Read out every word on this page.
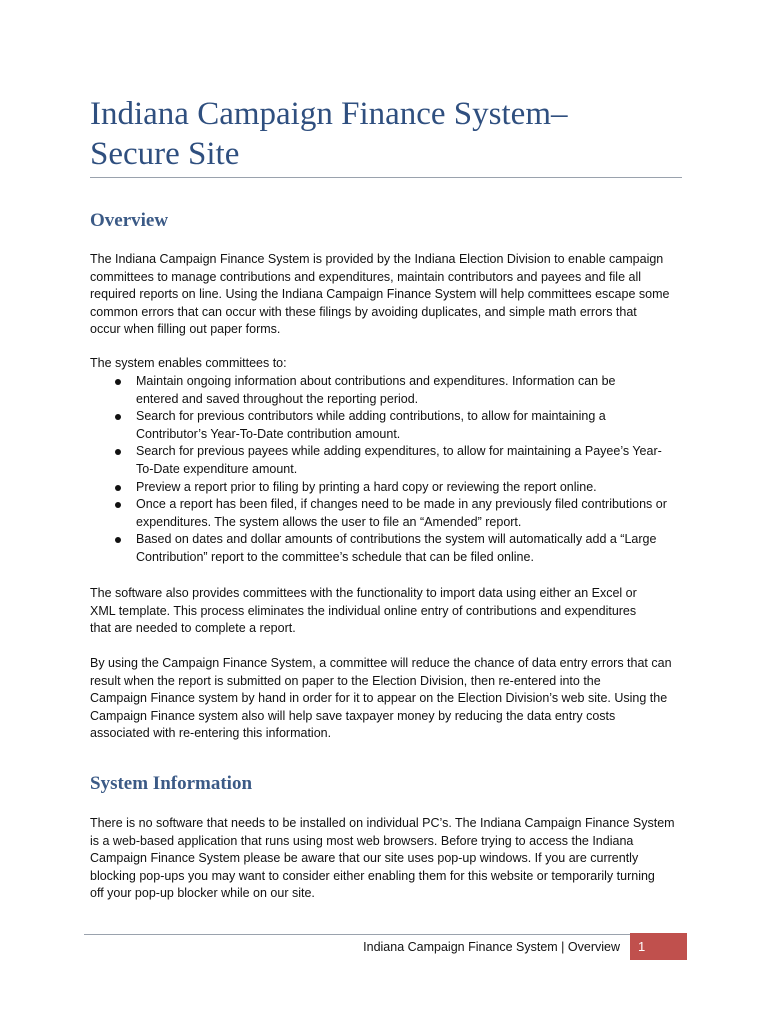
Indiana Campaign Finance System–
Secure Site
Overview

The Indiana Campaign Finance System is provided by the Indiana Election Division to enable campaign
committees to manage contributions and expenditures, maintain contributors and payees and file all
required reports on line. Using the Indiana Campaign Finance System will help committees escape some
common errors that can occur with these filings by avoiding duplicates, and simple math errors that
occur when filling out paper forms.

The system enables committees to:

Maintain ongoing information about contributions and expenditures. Information can be
entered and saved throughout the reporting period.
Search for previous contributors while adding contributions, to allow for maintaining a
Contributor’s Year-To-Date contribution amount.
Search for previous payees while adding expenditures, to allow for maintaining a Payee’s Year-
To-Date expenditure amount.
Preview a report prior to filing by printing a hard copy or reviewing the report online.
Once a report has been filed, if changes need to be made in any previously filed contributions or
expenditures. The system allows the user to file an “Amended” report.
Based on dates and dollar amounts of contributions the system will automatically add a “Large
Contribution” report to the committee’s schedule that can be filed online.

The software also provides committees with the functionality to import data using either an Excel or
XML template. This process eliminates the individual online entry of contributions and expenditures
that are needed to complete a report.

By using the Campaign Finance System, a committee will reduce the chance of data entry errors that can
result when the report is submitted on paper to the Election Division, then re-entered into the
Campaign Finance system by hand in order for it to appear on the Election Division’s web site. Using the
Campaign Finance system also will help save taxpayer money by reducing the data entry costs
associated with re-entering this information.

System Information

There is no software that needs to be installed on individual PC’s. The Indiana Campaign Finance System
is a web-based application that runs using most web browsers. Before trying to access the Indiana
Campaign Finance System please be aware that our site uses pop-up windows. If you are currently
blocking pop-ups you may want to consider either enabling them for this website or temporarily turning
off your pop-up blocker while on our site.

Indiana Campaign Finance System | Overview	1
